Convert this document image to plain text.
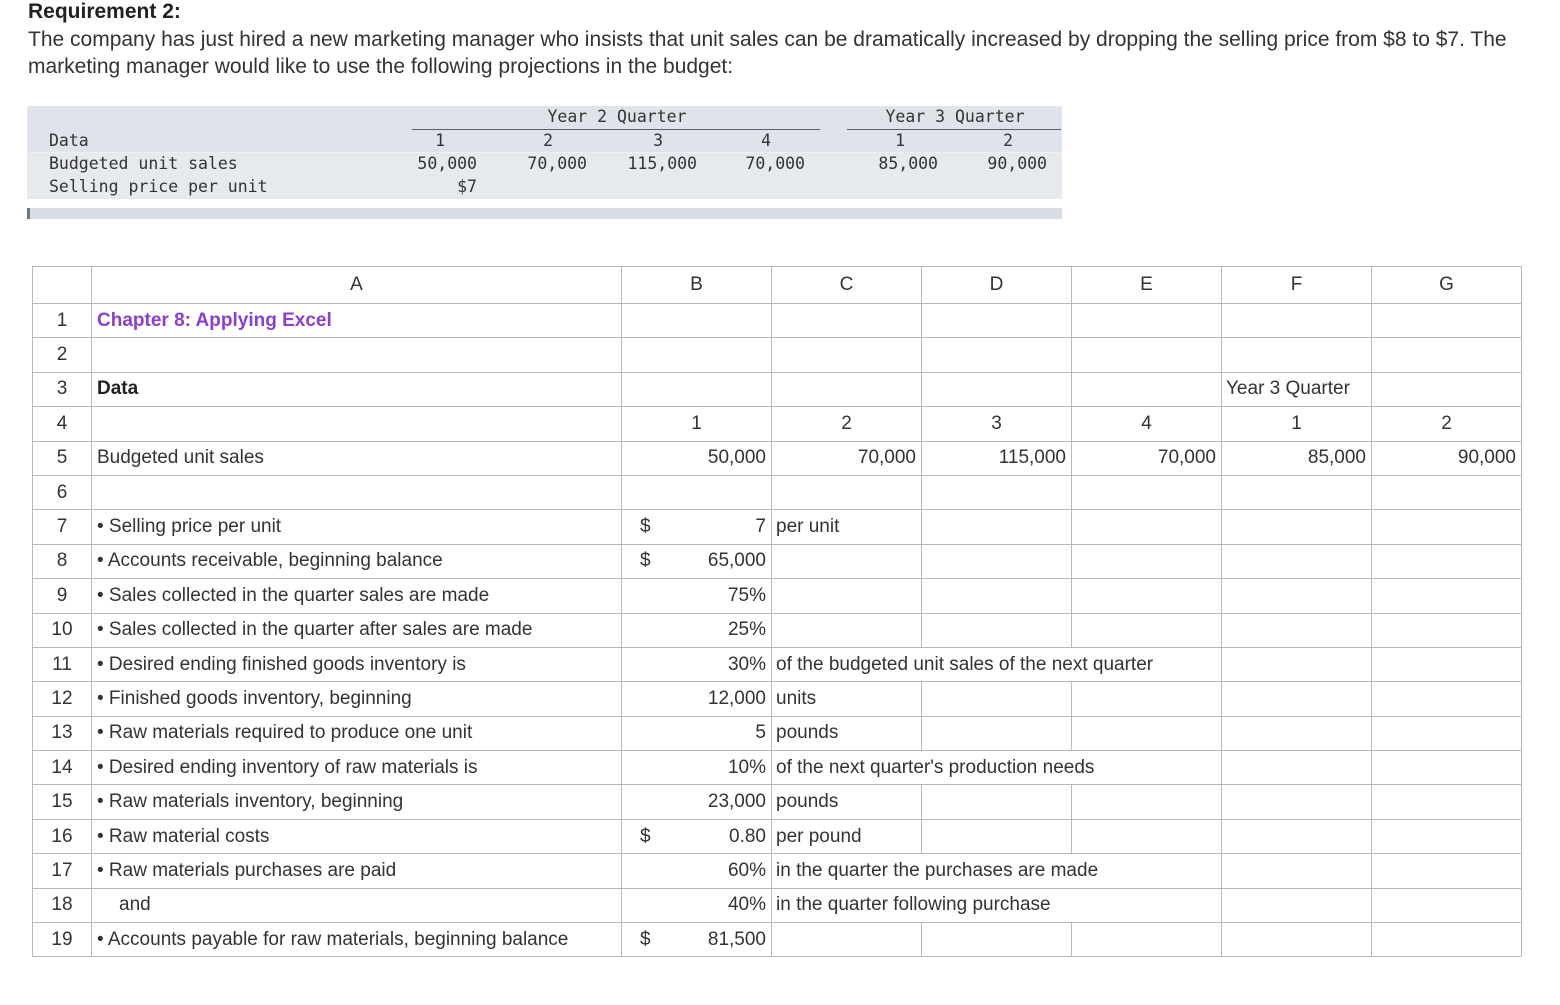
Requirement 2:
The company has just hired a new marketing manager who insists that unit sales can be dramatically increased by dropping the selling price from $8 to $7. The marketing manager would like to use the following projections in the budget:
Year 2 Quarter	Year 3 Quarter
Data	1	2	3	4	1	2
Budgeted unit sales	50,000	70,000	115,000	70,000	85,000	90,000
Selling price per unit	$7
	A	B	C	D	E	F	G
1	Chapter 8: Applying Excel						
2							
3	Data					Year 3 Quarter	
4		1	2	3	4	1	2
5	Budgeted unit sales	50,000	70,000	115,000	70,000	85,000	90,000
6							
7	• Selling price per unit	$ 7	per unit				
8	• Accounts receivable, beginning balance	$ 65,000					
9	• Sales collected in the quarter sales are made	75%					
10	• Sales collected in the quarter after sales are made	25%					
11	• Desired ending finished goods inventory is	30%	of the budgeted unit sales of the next quarter				

12	• Finished goods inventory, beginning	12,000	units				
13	• Raw materials required to produce one unit	5	pounds				
14	• Desired ending inventory of raw materials is	10%	of the next quarter's production needs				

15	• Raw materials inventory, beginning	23,000	pounds				
16	• Raw material costs	$ 0.80	per pound				
17	• Raw materials purchases are paid	60%	in the quarter the purchases are made				

18	and	40%	in the quarter following purchase				

19	• Accounts payable for raw materials, beginning balance	$ 81,500					
